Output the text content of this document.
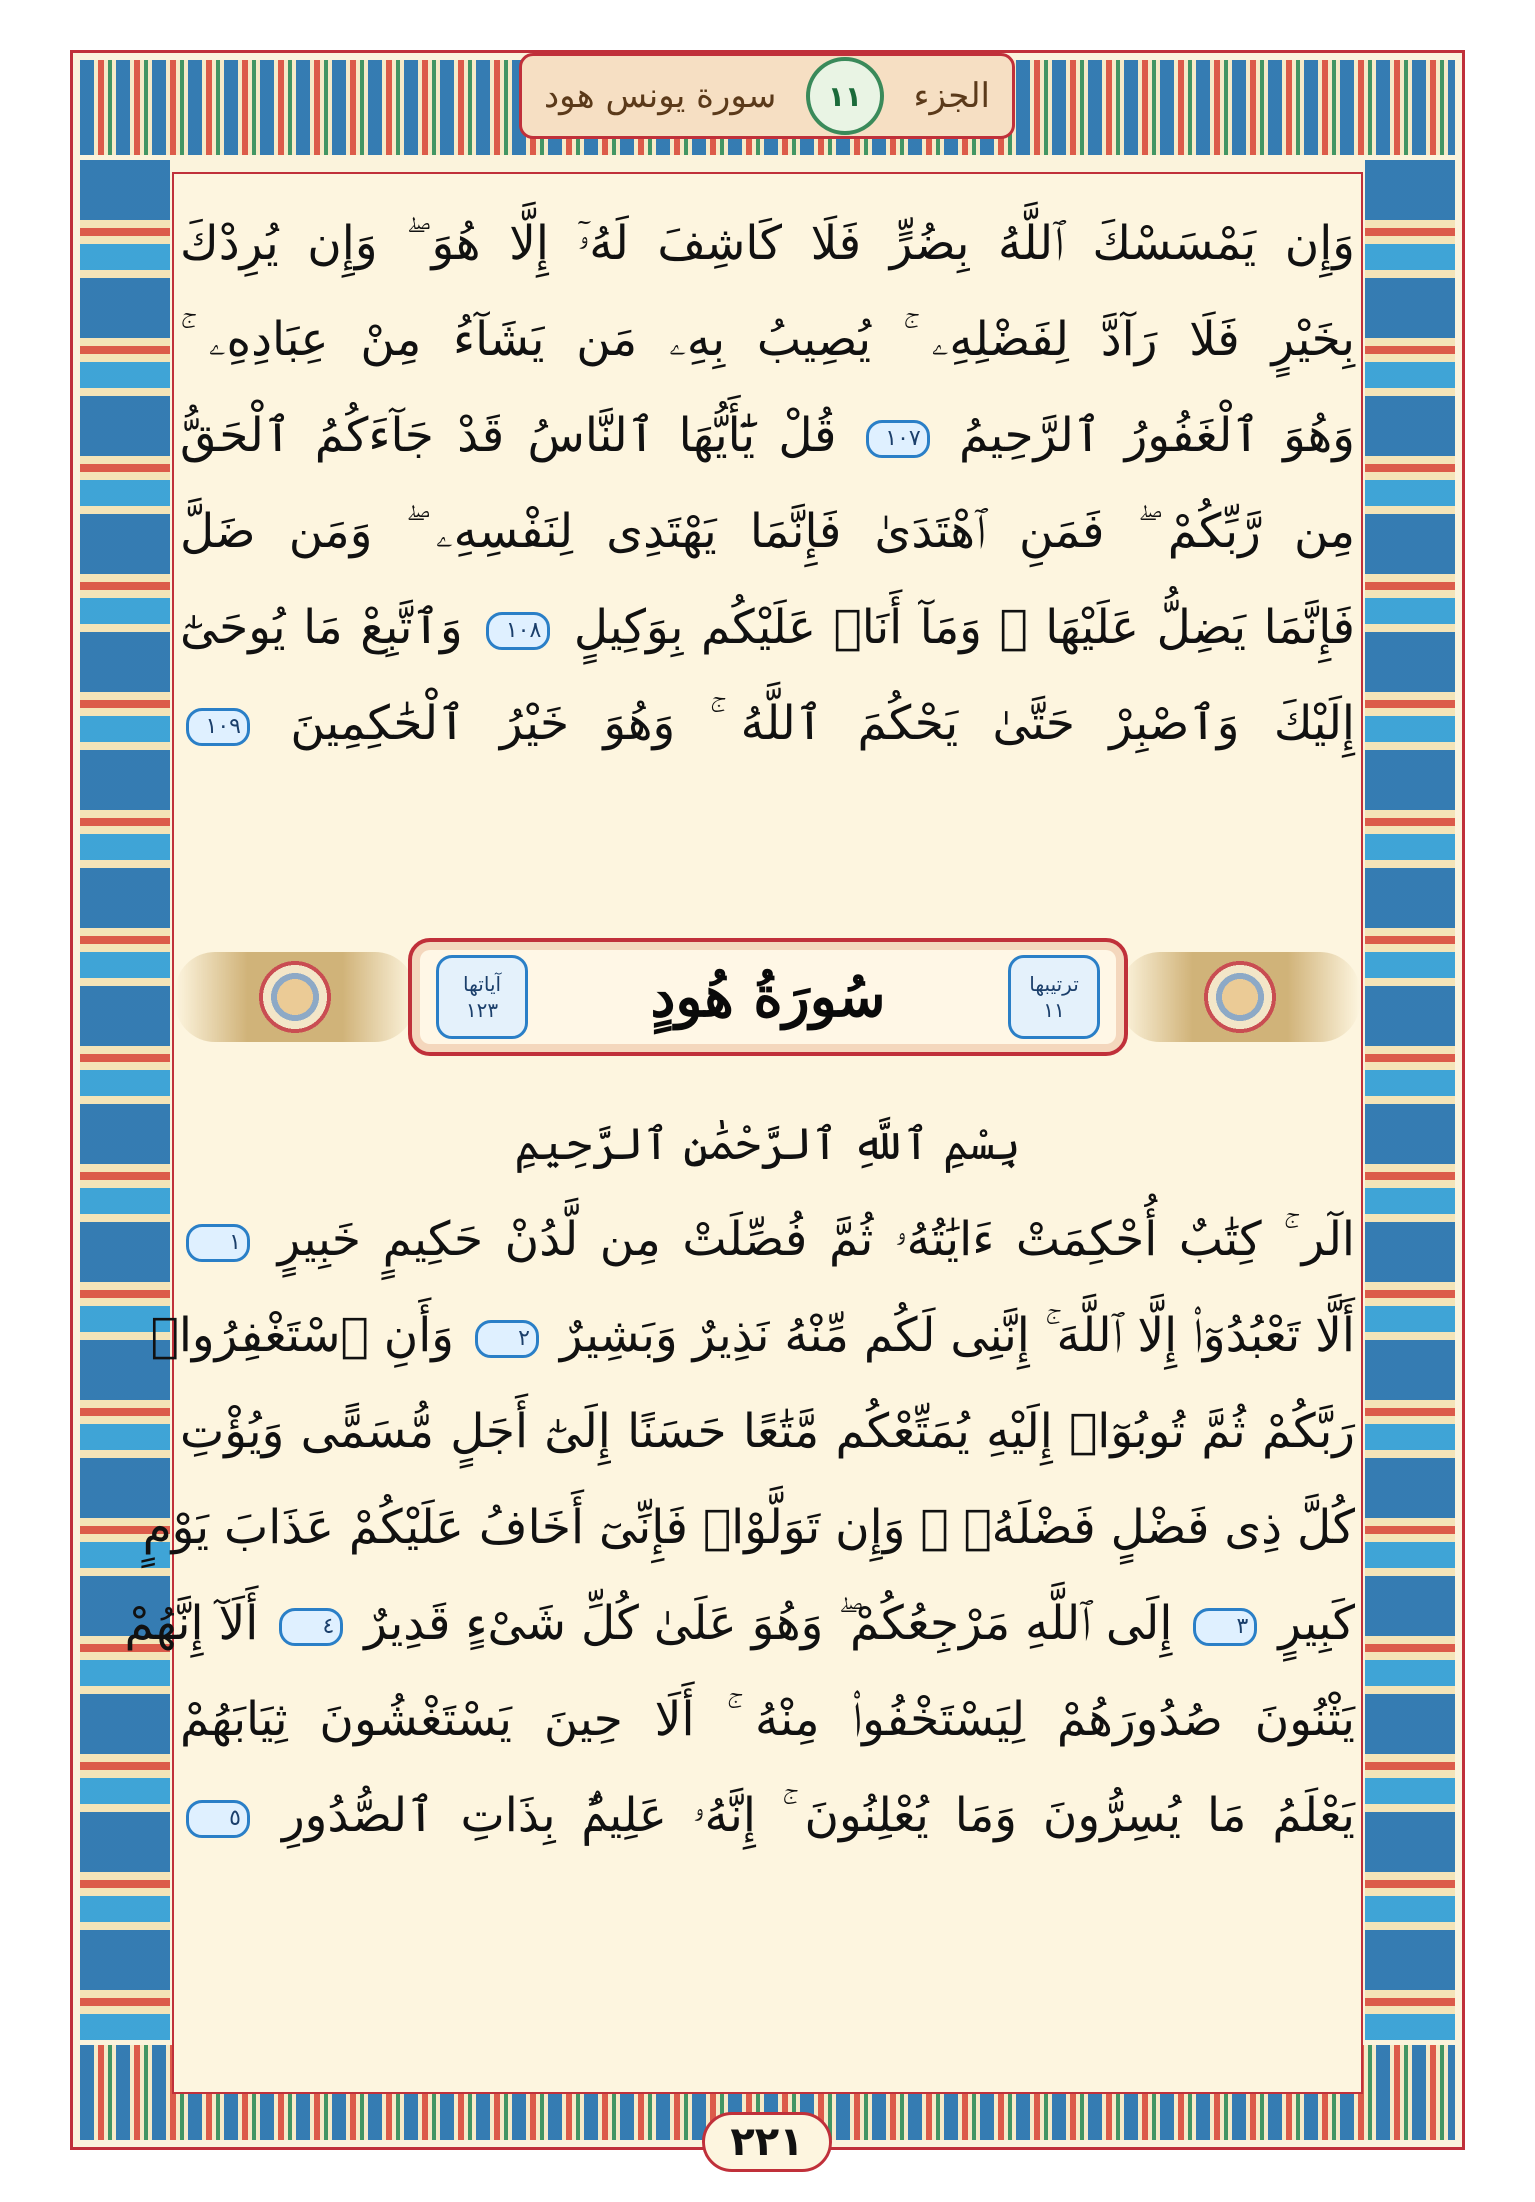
الجزء
١١
سورة يونس هود
وَإِن يَمْسَسْكَ ٱللَّهُ بِضُرٍّ فَلَا كَاشِفَ لَهُۥٓ إِلَّا هُوَ ۖ وَإِن يُرِدْكَ
بِخَيْرٍ فَلَا رَآدَّ لِفَضْلِهِۦ ۚ يُصِيبُ بِهِۦ مَن يَشَآءُ مِنْ عِبَادِهِۦ ۚ
وَهُوَ ٱلْغَفُورُ ٱلرَّحِيمُ ١٠٧ قُلْ يَٰٓأَيُّهَا ٱلنَّاسُ قَدْ جَآءَكُمُ ٱلْحَقُّ
مِن رَّبِّكُمْ ۖ فَمَنِ ٱهْتَدَىٰ فَإِنَّمَا يَهْتَدِى لِنَفْسِهِۦ ۖ وَمَن ضَلَّ
فَإِنَّمَا يَضِلُّ عَلَيْهَا ۖ وَمَآ أَنَا۠ عَلَيْكُم بِوَكِيلٍ ١٠٨ وَٱتَّبِعْ مَا يُوحَىٰٓ
إِلَيْكَ وَٱصْبِرْ حَتَّىٰ يَحْكُمَ ٱللَّهُ ۚ وَهُوَ خَيْرُ ٱلْحَٰكِمِينَ ١٠٩
ترتيبها
١١
سُورَةُ هُودٍ
آياتها
١٢٣
بِسْمِ ٱللَّهِ ٱلرَّحْمَٰنِ ٱلرَّحِيمِ
الٓر ۚ كِتَٰبٌ أُحْكِمَتْ ءَايَٰتُهُۥ ثُمَّ فُصِّلَتْ مِن لَّدُنْ حَكِيمٍ خَبِيرٍ ١
أَلَّا تَعْبُدُوٓا۟ إِلَّا ٱللَّهَ ۚ إِنَّنِى لَكُم مِّنْهُ نَذِيرٌ وَبَشِيرٌ ٢ وَأَنِ ٱسْتَغْفِرُوا۟
رَبَّكُمْ ثُمَّ تُوبُوٓا۟ إِلَيْهِ يُمَتِّعْكُم مَّتَٰعًا حَسَنًا إِلَىٰٓ أَجَلٍ مُّسَمًّى وَيُؤْتِ
كُلَّ ذِى فَضْلٍ فَضْلَهُۥ ۖ وَإِن تَوَلَّوْا۟ فَإِنِّىٓ أَخَافُ عَلَيْكُمْ عَذَابَ يَوْمٍ
كَبِيرٍ ٣ إِلَى ٱللَّهِ مَرْجِعُكُمْ ۖ وَهُوَ عَلَىٰ كُلِّ شَىْءٍ قَدِيرٌ ٤ أَلَآ إِنَّهُمْ
يَثْنُونَ صُدُورَهُمْ لِيَسْتَخْفُوا۟ مِنْهُ ۚ أَلَا حِينَ يَسْتَغْشُونَ ثِيَابَهُمْ
يَعْلَمُ مَا يُسِرُّونَ وَمَا يُعْلِنُونَ ۚ إِنَّهُۥ عَلِيمٌۢ بِذَاتِ ٱلصُّدُورِ ٥
٢٢١
